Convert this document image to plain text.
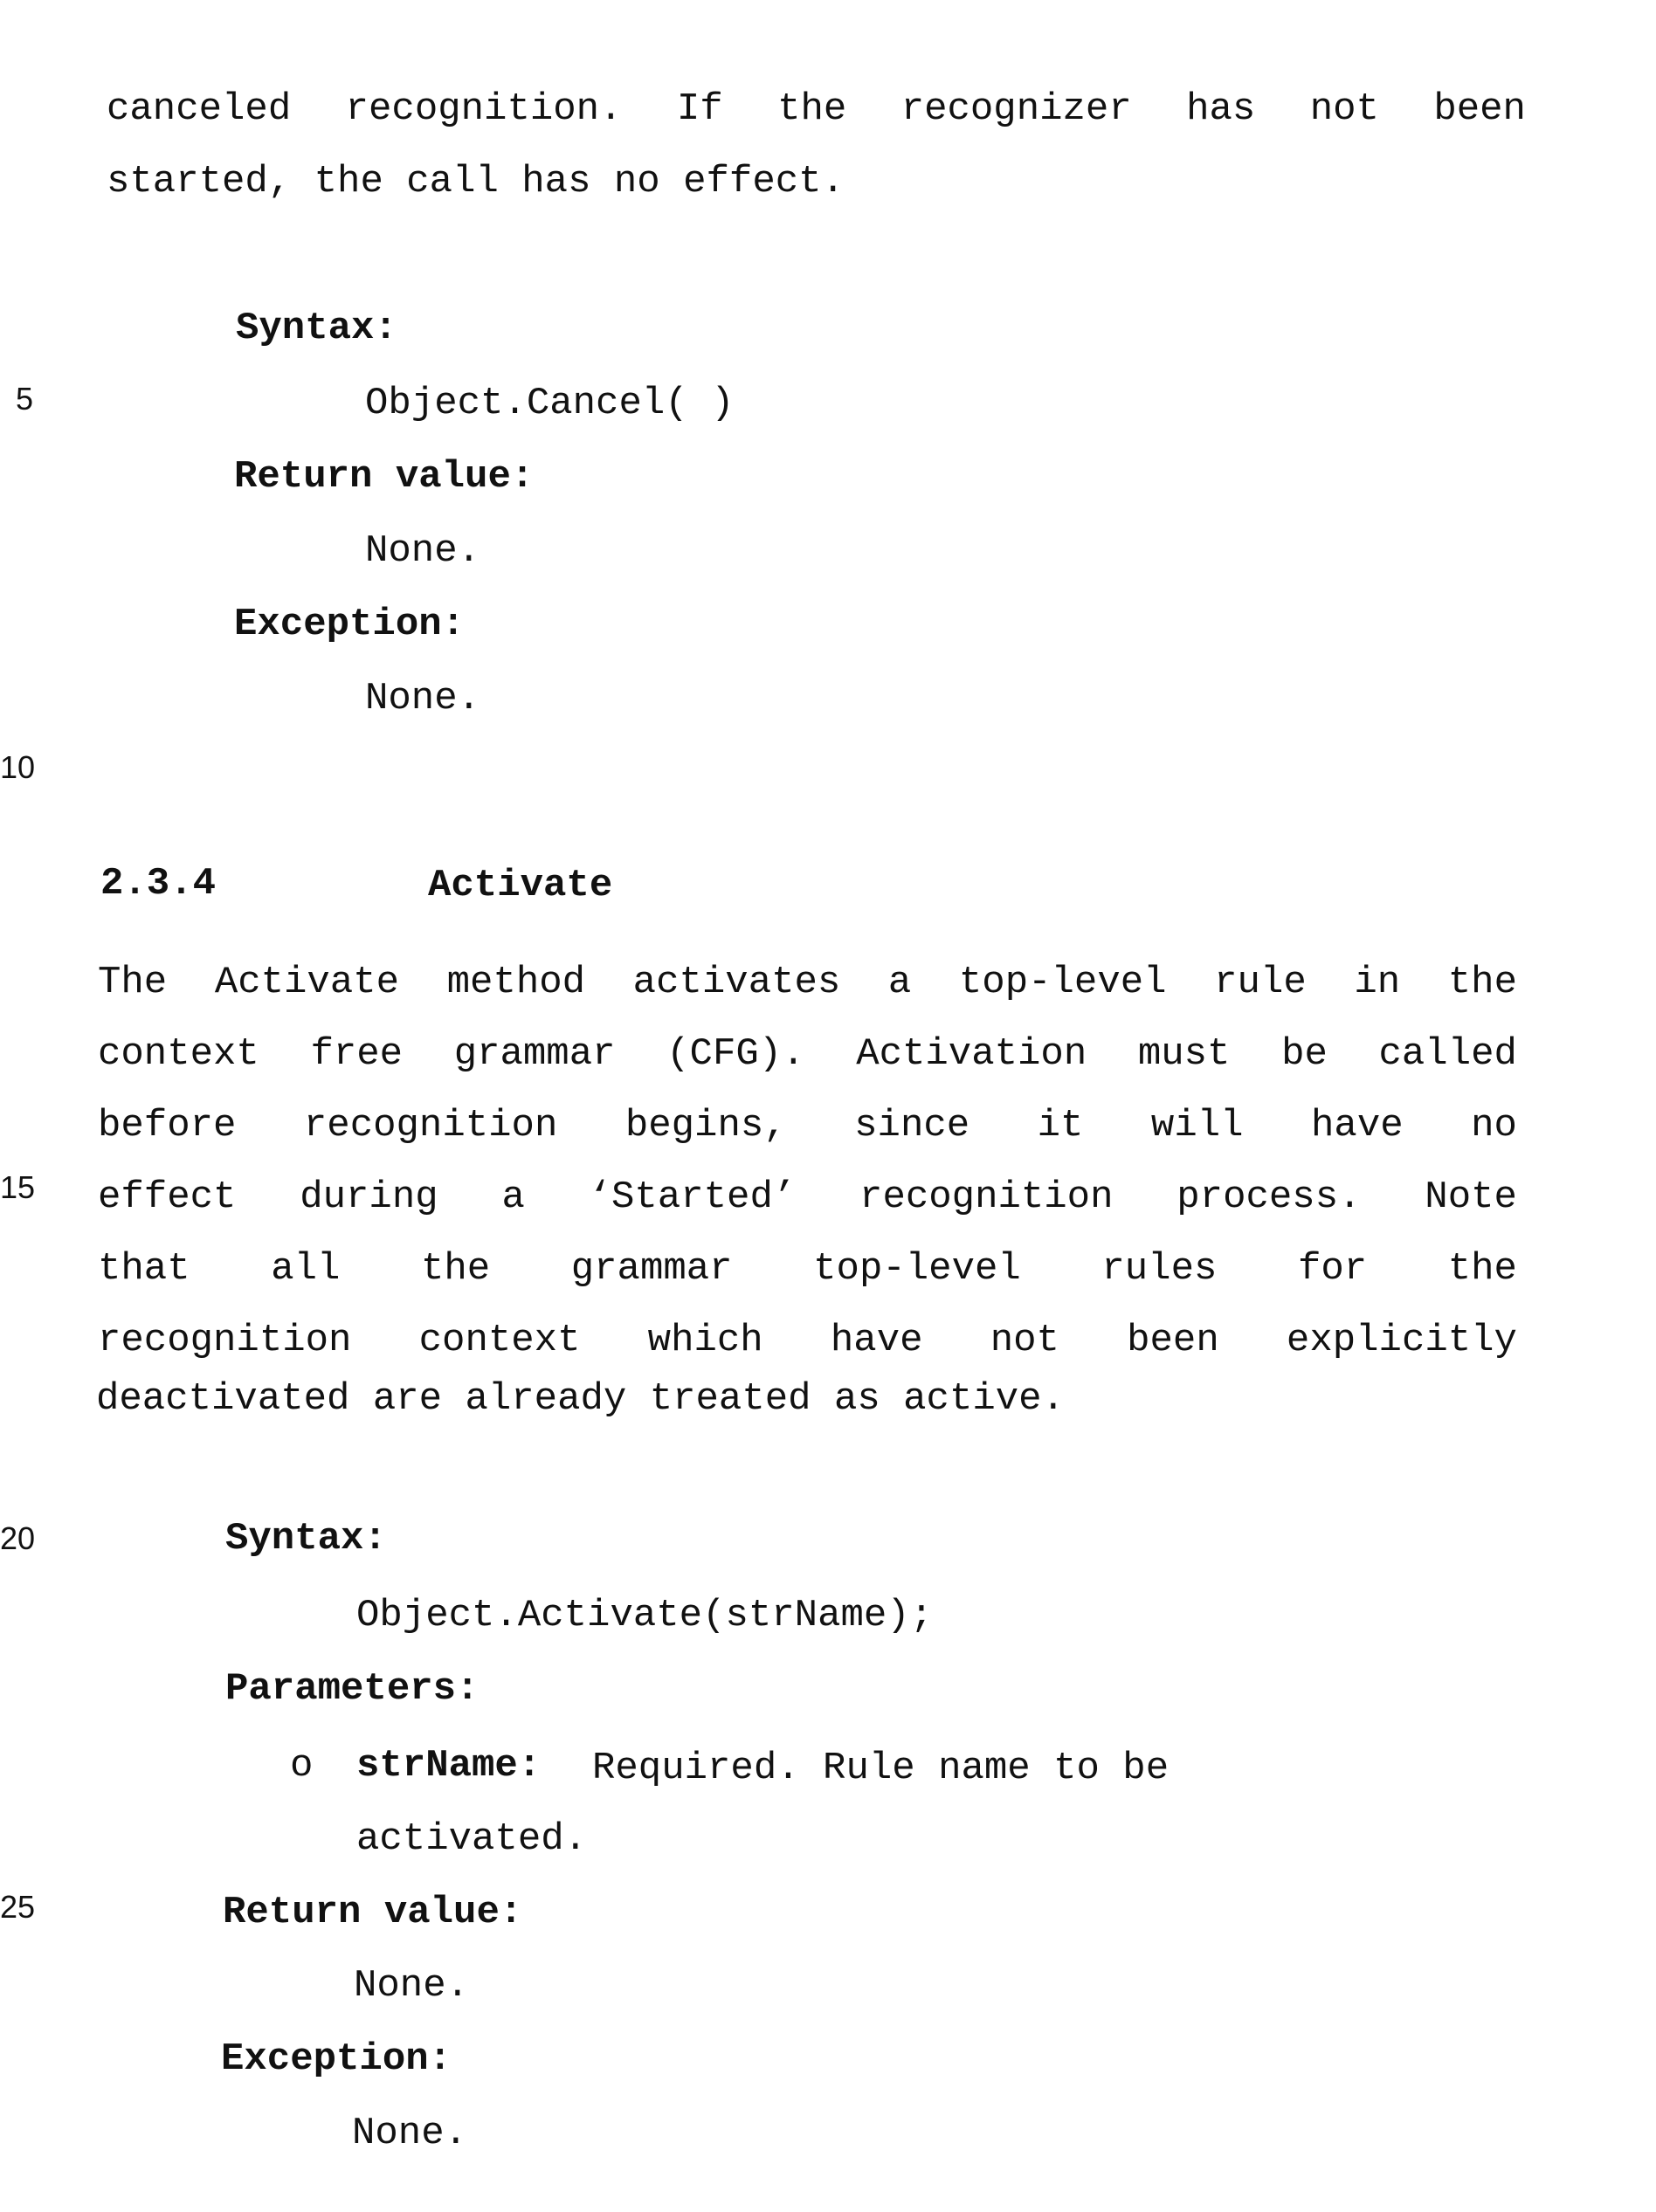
5
10
15
20
25
canceled recognition. If the recognizer has not been
started, the call has no effect.
Syntax:
Object.Cancel( )
Return value:
None.
Exception:
None.
2.3.4	Activate
The Activate method activates a top-level rule in the
context free grammar (CFG). Activation must be called
before recognition begins, since it will have no
effect during a ‘Started’ recognition process. Note
that all the grammar top-level rules for the
recognition context which have not been explicitly
deactivated are already treated as active.
Syntax:
Object.Activate(strName);
Parameters:
o strName: Required. Rule name to be
activated.
Return value:
None.
Exception:
None.
